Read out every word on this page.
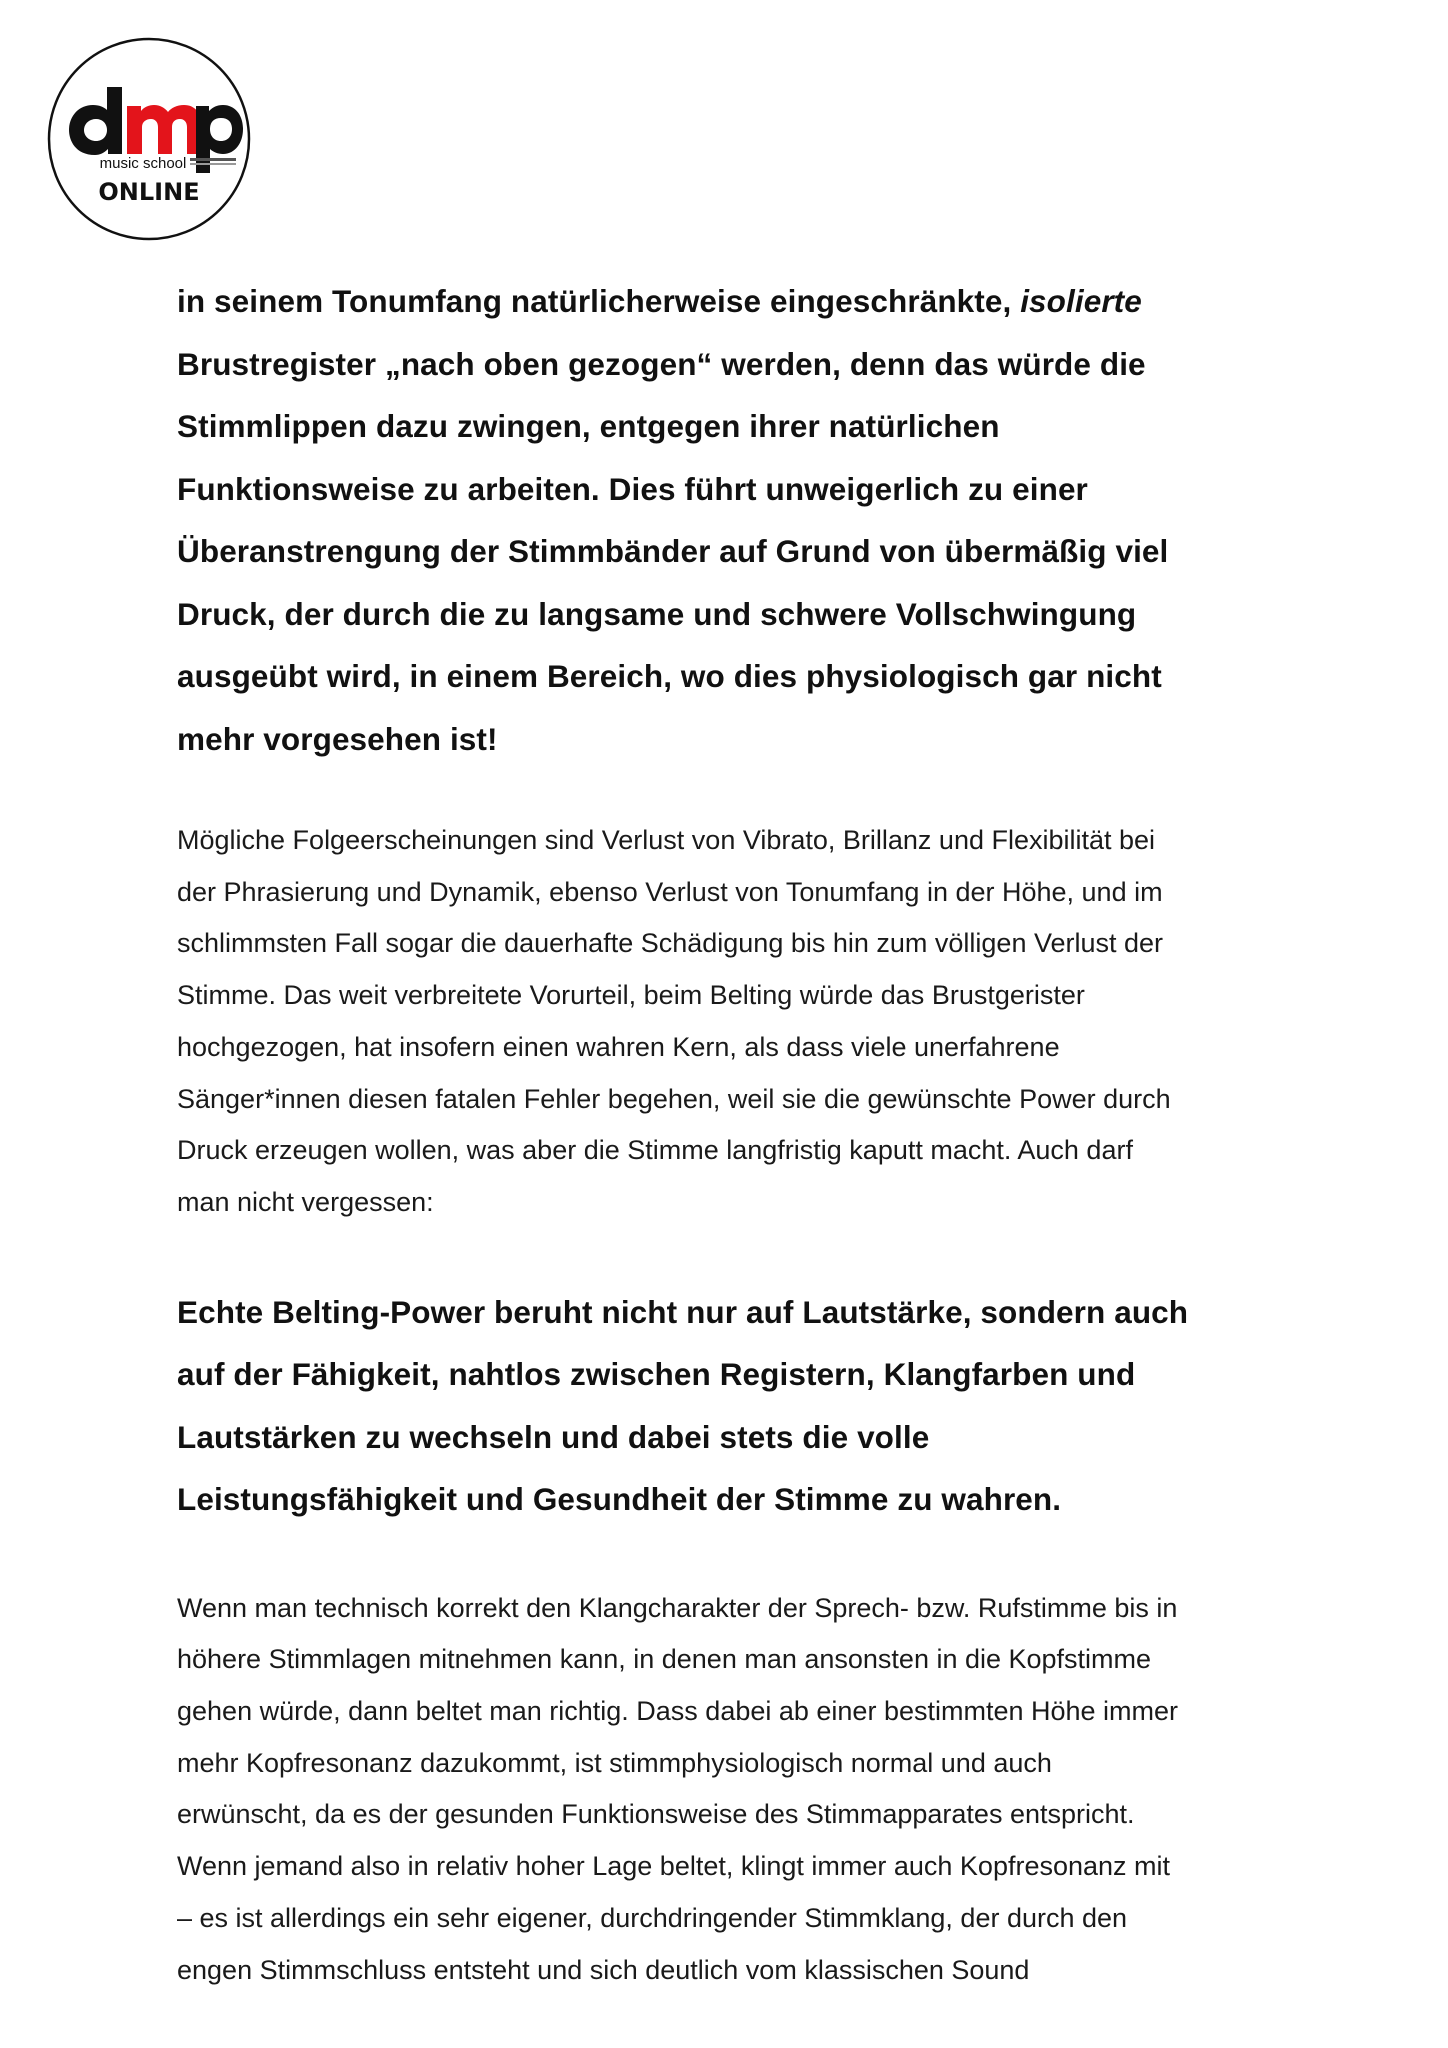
music school
ONLINE

in seinem Tonumfang natürlicherweise eingeschränkte, isolierte
Brustregister „nach oben gezogen“ werden, denn das würde die
Stimmlippen dazu zwingen, entgegen ihrer natürlichen
Funktionsweise zu arbeiten. Dies führt unweigerlich zu einer
Überanstrengung der Stimmbänder auf Grund von übermäßig viel
Druck, der durch die zu langsame und schwere Vollschwingung
ausgeübt wird, in einem Bereich, wo dies physiologisch gar nicht
mehr vorgesehen ist!

Mögliche Folgeerscheinungen sind Verlust von Vibrato, Brillanz und Flexibilität bei
der Phrasierung und Dynamik, ebenso Verlust von Tonumfang in der Höhe, und im
schlimmsten Fall sogar die dauerhafte Schädigung bis hin zum völligen Verlust der
Stimme. Das weit verbreitete Vorurteil, beim Belting würde das Brustgerister
hochgezogen, hat insofern einen wahren Kern, als dass viele unerfahrene
Sänger*innen diesen fatalen Fehler begehen, weil sie die gewünschte Power durch
Druck erzeugen wollen, was aber die Stimme langfristig kaputt macht. Auch darf
man nicht vergessen:

Echte Belting-Power beruht nicht nur auf Lautstärke, sondern auch
auf der Fähigkeit, nahtlos zwischen Registern, Klangfarben und
Lautstärken zu wechseln und dabei stets die volle
Leistungsfähigkeit und Gesundheit der Stimme zu wahren.

Wenn man technisch korrekt den Klangcharakter der Sprech- bzw. Rufstimme bis in
höhere Stimmlagen mitnehmen kann, in denen man ansonsten in die Kopfstimme
gehen würde, dann beltet man richtig. Dass dabei ab einer bestimmten Höhe immer
mehr Kopfresonanz dazukommt, ist stimmphysiologisch normal und auch
erwünscht, da es der gesunden Funktionsweise des Stimmapparates entspricht.
Wenn jemand also in relativ hoher Lage beltet, klingt immer auch Kopfresonanz mit
– es ist allerdings ein sehr eigener, durchdringender Stimmklang, der durch den
engen Stimmschluss entsteht und sich deutlich vom klassischen Sound
